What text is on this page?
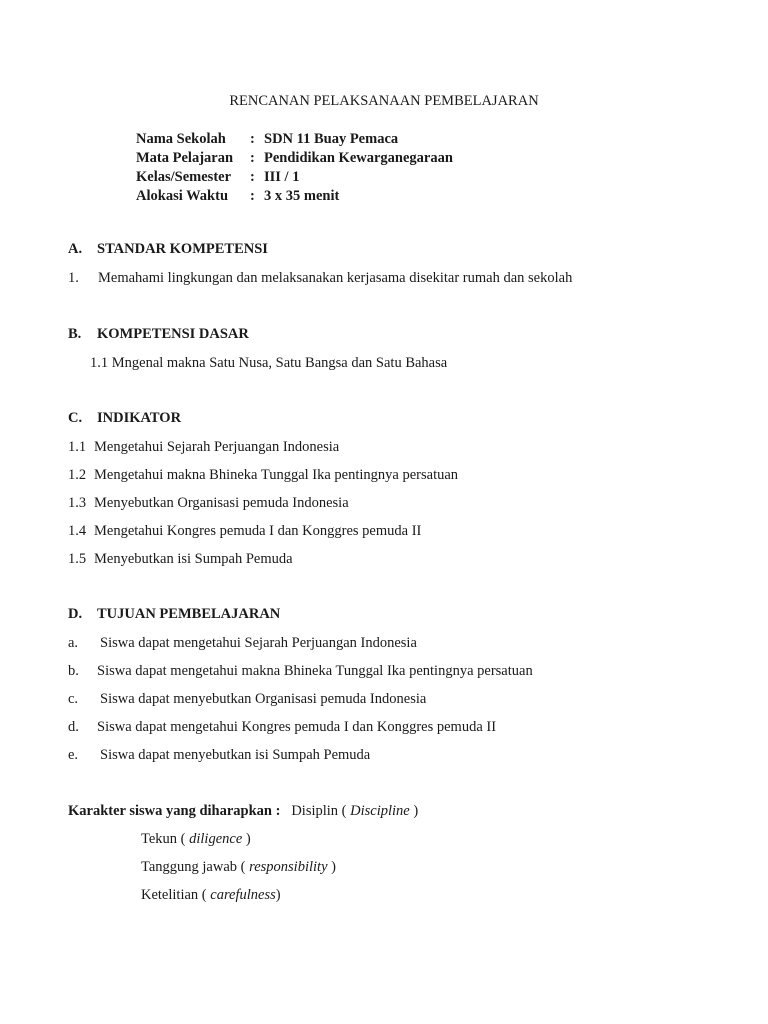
RENCANAN PELAKSANAAN PEMBELAJARAN
Nama Sekolah : SDN 11 Buay Pemaca
Mata Pelajaran : Pendidikan Kewarganegaraan
Kelas/Semester : III / 1
Alokasi Waktu : 3 x 35 menit
A. STANDAR KOMPETENSI
1. Memahami lingkungan dan melaksanakan kerjasama disekitar rumah dan sekolah
B. KOMPETENSI DASAR
1.1 Mngenal makna Satu Nusa, Satu Bangsa dan Satu Bahasa
C. INDIKATOR
1.1 Mengetahui Sejarah Perjuangan Indonesia
1.2 Mengetahui makna Bhineka Tunggal Ika pentingnya persatuan
1.3 Menyebutkan Organisasi pemuda Indonesia
1.4 Mengetahui Kongres pemuda I dan Konggres pemuda II
1.5 Menyebutkan isi Sumpah Pemuda
D. TUJUAN PEMBELAJARAN
a. Siswa dapat mengetahui Sejarah Perjuangan Indonesia
b. Siswa dapat mengetahui makna Bhineka Tunggal Ika pentingnya persatuan
c. Siswa dapat menyebutkan Organisasi pemuda Indonesia
d. Siswa dapat mengetahui Kongres pemuda I dan Konggres pemuda II
e. Siswa dapat menyebutkan isi Sumpah Pemuda
Karakter siswa yang diharapkan : Disiplin ( Discipline )
Tekun ( diligence )
Tanggung jawab ( responsibility )
Ketelitian ( carefulness)
